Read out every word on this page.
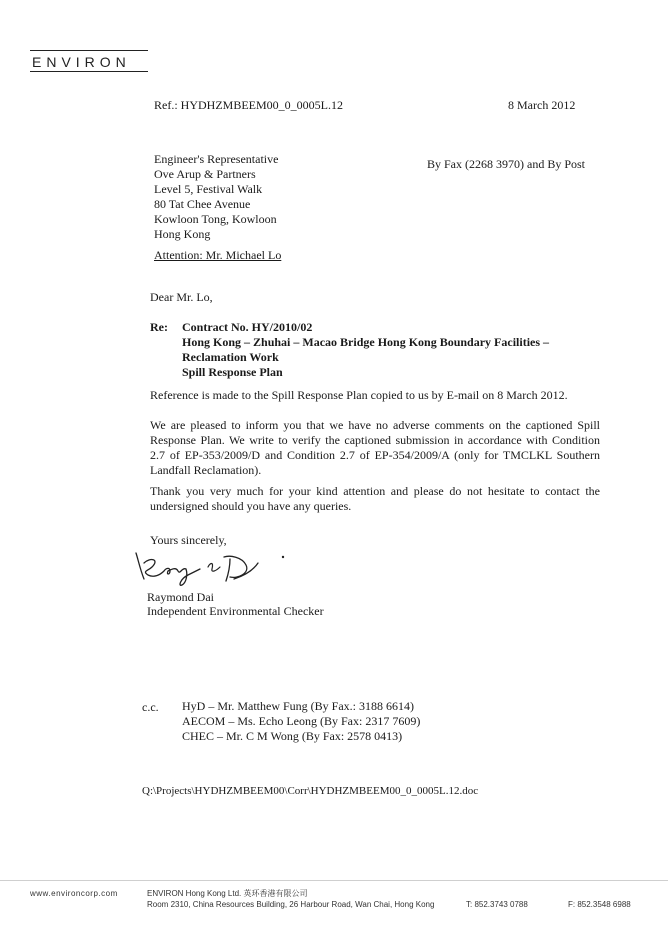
ENVIRON
Ref.: HYDHZMBEEM00_0_0005L.12	8 March 2012
Engineer's Representative
Ove Arup & Partners
Level 5, Festival Walk
80 Tat Chee Avenue
Kowloon Tong, Kowloon
Hong Kong
By Fax (2268 3970) and By Post
Attention: Mr. Michael Lo
Dear Mr. Lo,
Re: Contract No. HY/2010/02
Hong Kong – Zhuhai – Macao Bridge Hong Kong Boundary Facilities –
Reclamation Work
Spill Response Plan
Reference is made to the Spill Response Plan copied to us by E-mail on 8 March 2012.
We are pleased to inform you that we have no adverse comments on the captioned Spill Response Plan. We write to verify the captioned submission in accordance with Condition 2.7 of EP-353/2009/D and Condition 2.7 of EP-354/2009/A (only for TMCLKL Southern Landfall Reclamation).
Thank you very much for your kind attention and please do not hesitate to contact the undersigned should you have any queries.
Yours sincerely,
Raymond Dai
Independent Environmental Checker
c.c. HyD – Mr. Matthew Fung (By Fax.: 3188 6614)
AECOM – Ms. Echo Leong (By Fax: 2317 7609)
CHEC – Mr. C M Wong (By Fax: 2578 0413)
Q:\Projects\HYDHZMBEEM00\Corr\HYDHZMBEEM00_0_0005L.12.doc
www.environcorp.com	ENVIRON Hong Kong Ltd. 英环香港有限公司
Room 2310, China Resources Building, 26 Harbour Road, Wan Chai, Hong Kong	T: 852.3743 0788	F: 852.3548 6988
